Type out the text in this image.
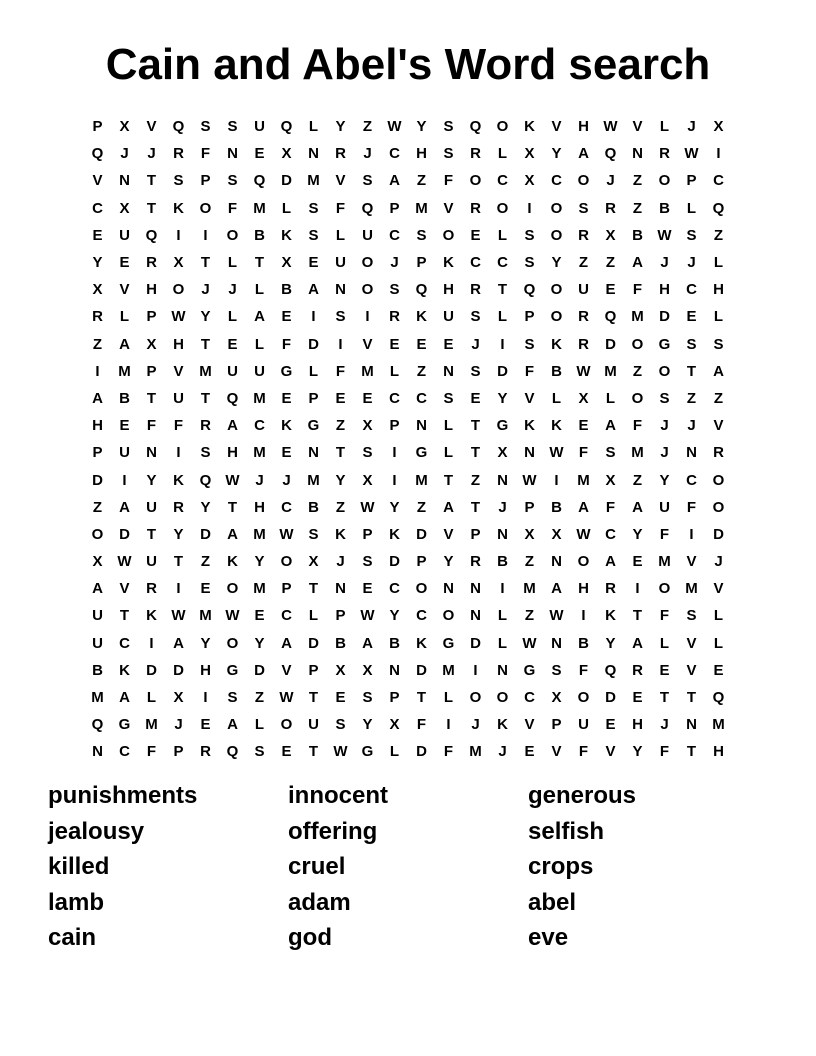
Cain and Abel's Word search
P	X	V	Q	S	S	U	Q	L	Y	Z	W Y	S	Q	O	K	V	H W V	L	J	X
Q	J	J	R	F	N	E	X	N	R	J	C	H	S	R	L	X	Y	A	Q	N	R W	I
V	N	T	S	P	S	Q	D	M	V	S	A	Z	F	O	C	X	C	O	J	Z	O	P	C
C	X	T	K	O	F	M	L	S	F	Q	P	M	V	R	O	I	O	S	R	Z	B	L	Q
E	U	Q	I	I	O	B	K	S	L	U	C	S	O	E	L	S	O	R	X	B W S	Z
Y	E	R	X	T	L	T	X	E	U	O	J	P	K	C	C	S	Y	Z	Z	A	J	J	L
X	V	H	O	J	J	L	B	A	N	O	S	Q	H	R	T	Q	O	U	E	F	H	C	H
R	L	P W Y	L	A	E	I	S	I	R	K	U	S	L	P	O	R	Q M	D	E	L
Z	A	X	H	T	E	L	F	D	I	V	E	E	E	J	I	S	K	R	D	O	G	S	S
I	M	P	V	M	U	U	G	L	F	M	L	Z	N	S	D	F	B W M	Z	O	T	A
A	B	T	U	T	Q M	E	P	E	E	C	C	S	E	Y	V	L	X	L	O	S	Z	Z
H	E	F	F	R	A	C	K	G	Z	X	P	N	L	T	G	K	K	E	A	F	J	J	V
P	U	N	I	S	H	M	E	N	T	S	I	G	L	T	X	N W	F	S	M	J	N	R
D	I	Y	K	Q W	J	J	M	Y	X	I	M	T	Z	N W	I	M	X	Z	Y	C	O
Z	A	U	R	Y	T	H	C	B	Z	W Y	Z	A	T	J	P	B	A	F	A	U	F	O
O	D	T	Y	D	A	M W S	K	P	K	D	V	P	N	X	X W C	Y	F	I	D
X W U	T	Z	K	Y	O	X	J	S	D	P	Y	R	B	Z	N	O	A	E	M	V	J
A	V	R	I	E	O M	P	T	N	E	C	O	N	N	I	M	A	H	R	I	O M	V
U	T	K W M W E	C	L	P W Y	C	O	N	L	Z	W	I	K	T	F	S	L
U	C	I	A	Y	O	Y	A	D	B	A	B	K	G	D	L	W N	B	Y	A	L	V	L
B	K	D	D	H	G	D	V	P	X	X	N	D	M	I	N	G	S	F	Q	R	E	V	E
M	A	L	X	I	S	Z	W	T	E	S	P	T	L	O	O	C	X	O	D	E	T	T	Q
Q	G M	J	E	A	L	O	U	S	Y	X	F	I	J	K	V	P	U	E	H	J	N	M
N	C	F	P	R	Q	S	E	T	W G	L	D	F	M	J	E	V	F	V	Y	F	T	H
punishments
jealousy
killed
lamb
cain
innocent
offering
cruel
adam
god
generous
selfish
crops
abel
eve
